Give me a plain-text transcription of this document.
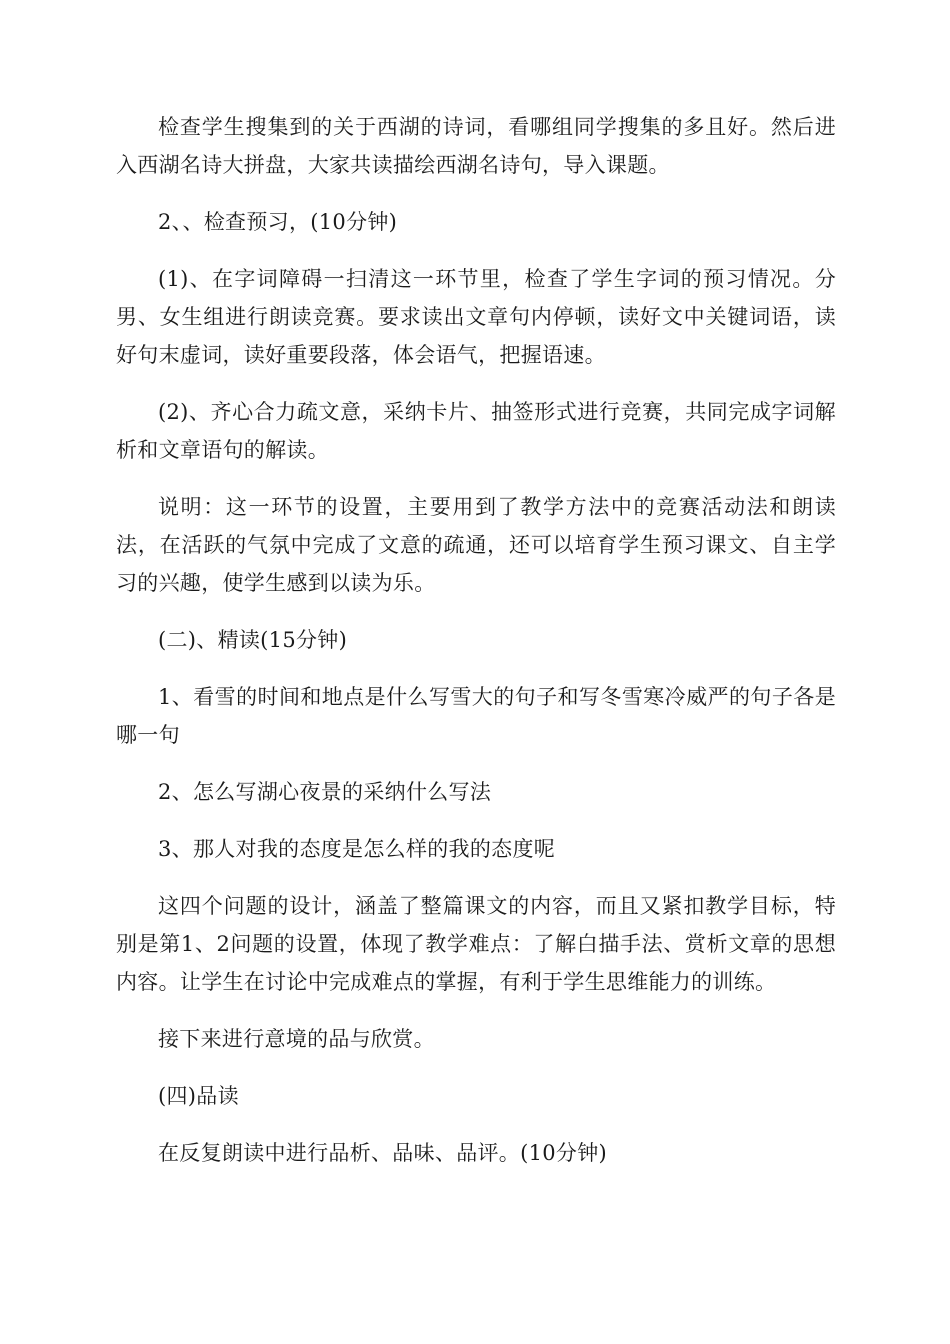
检查学生搜集到的关于西湖的诗词，看哪组同学搜集的多且好。然后进入西湖名诗大拼盘，大家共读描绘西湖名诗句，导入课题。

2、、检查预习，(10分钟)

(1)、在字词障碍一扫清这一环节里，检查了学生字词的预习情况。分男、女生组进行朗读竞赛。要求读出文章句内停顿，读好文中关键词语，读好句末虚词，读好重要段落，体会语气，把握语速。

(2)、齐心合力疏文意，采纳卡片、抽签形式进行竞赛，共同完成字词解析和文章语句的解读。

说明：这一环节的设置，主要用到了教学方法中的竞赛活动法和朗读法，在活跃的气氛中完成了文意的疏通，还可以培育学生预习课文、自主学习的兴趣，使学生感到以读为乐。

(二)、精读(15分钟)

1、看雪的时间和地点是什么写雪大的句子和写冬雪寒冷威严的句子各是哪一句

2、怎么写湖心夜景的采纳什么写法

3、那人对我的态度是怎么样的我的态度呢

这四个问题的设计，涵盖了整篇课文的内容，而且又紧扣教学目标，特别是第1、2问题的设置，体现了教学难点：了解白描手法、赏析文章的思想内容。让学生在讨论中完成难点的掌握，有利于学生思维能力的训练。

接下来进行意境的品与欣赏。

(四)品读

在反复朗读中进行品析、品味、品评。(10分钟)
